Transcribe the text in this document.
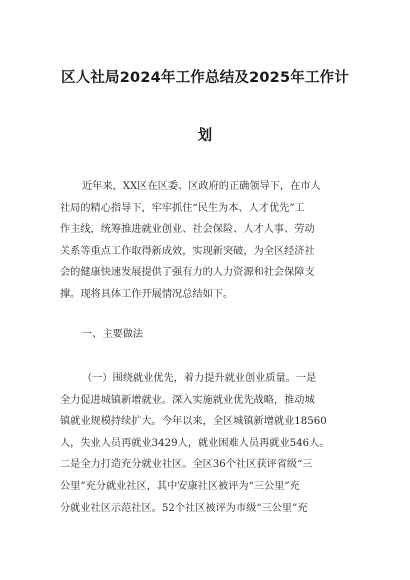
区人社局2024年工作总结及2025年工作计
划
近年来，XX区在区委、区政府的正确领导下，在市人
社局的精心指导下，牢牢抓住“民生为本、人才优先”工
作主线，统筹推进就业创业、社会保险、人才人事、劳动
关系等重点工作取得新成效，实现新突破，为全区经济社
会的健康快速发展提供了强有力的人力资源和社会保障支
撑。现将具体工作开展情况总结如下。
一、主要做法
（一）围绕就业优先，着力提升就业创业质量。一是
全力促进城镇新增就业。深入实施就业优先战略，推动城
镇就业规模持续扩大。今年以来，全区城镇新增就业18560
人，失业人员再就业3429人，就业困难人员再就业546人。
二是全力打造充分就业社区。全区36个社区获评省级“三
公里”充分就业社区，其中安康社区被评为“三公里”充
分就业社区示范社区。52个社区被评为市级“三公里”充
